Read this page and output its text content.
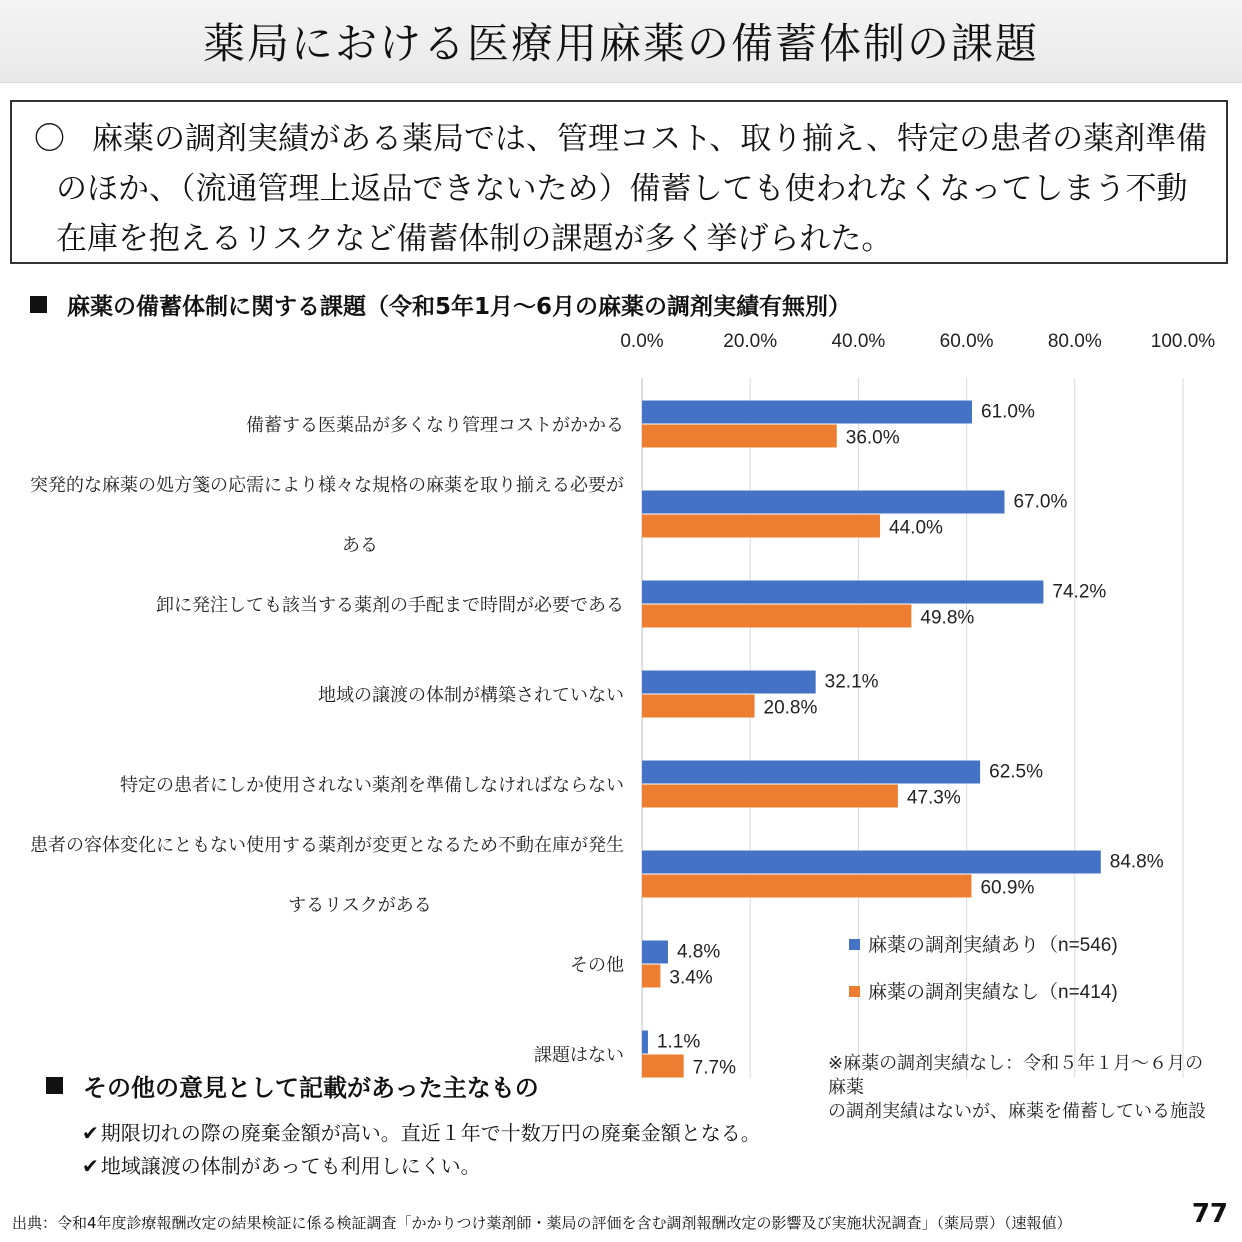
薬局における医療用麻薬の備蓄体制の課題
〇 麻薬の調剤実績がある薬局では、管理コスト、取り揃え、特定の患者の薬剤準備のほか、（流通管理上返品できないため）備蓄しても使われなくなってしまう不動在庫を抱えるリスクなど備蓄体制の課題が多く挙げられた。
麻薬の備蓄体制に関する課題（令和5年1月～6月の麻薬の調剤実績有無別）
0.0%	20.0%	40.0%	60.0%	80.0%	100.0%
61.0%
36.0%
備蓄する医薬品が多くなり管理コストがかかる
67.0%
44.0%
突発的な麻薬の処方箋の応需により様々な規格の麻薬を取り揃える必要が
ある
74.2%
49.8%
卸に発注しても該当する薬剤の手配まで時間が必要である
32.1%
20.8%
地域の譲渡の体制が構築されていない
62.5%
47.3%
特定の患者にしか使用されない薬剤を準備しなければならない
84.8%
60.9%
患者の容体変化にともない使用する薬剤が変更となるため不動在庫が発生
するリスクがある
4.8%
3.4%
その他
1.1%
7.7%
課題はない
麻薬の調剤実績あり（n=546)
麻薬の調剤実績なし（n=414)
その他の意見として記載があった主なもの
✔ 期限切れの際の廃棄金額が高い。直近１年で十数万円の廃棄金額となる。
✔ 地域譲渡の体制があっても利用しにくい。
※麻薬の調剤実績なし：令和５年１月～６月の麻薬
の調剤実績はないが、麻薬を備蓄している施設
出典：令和4年度診療報酬改定の結果検証に係る検証調査「かかりつけ薬剤師・薬局の評価を含む調剤報酬改定の影響及び実施状況調査」（薬局票）（速報値）	77
